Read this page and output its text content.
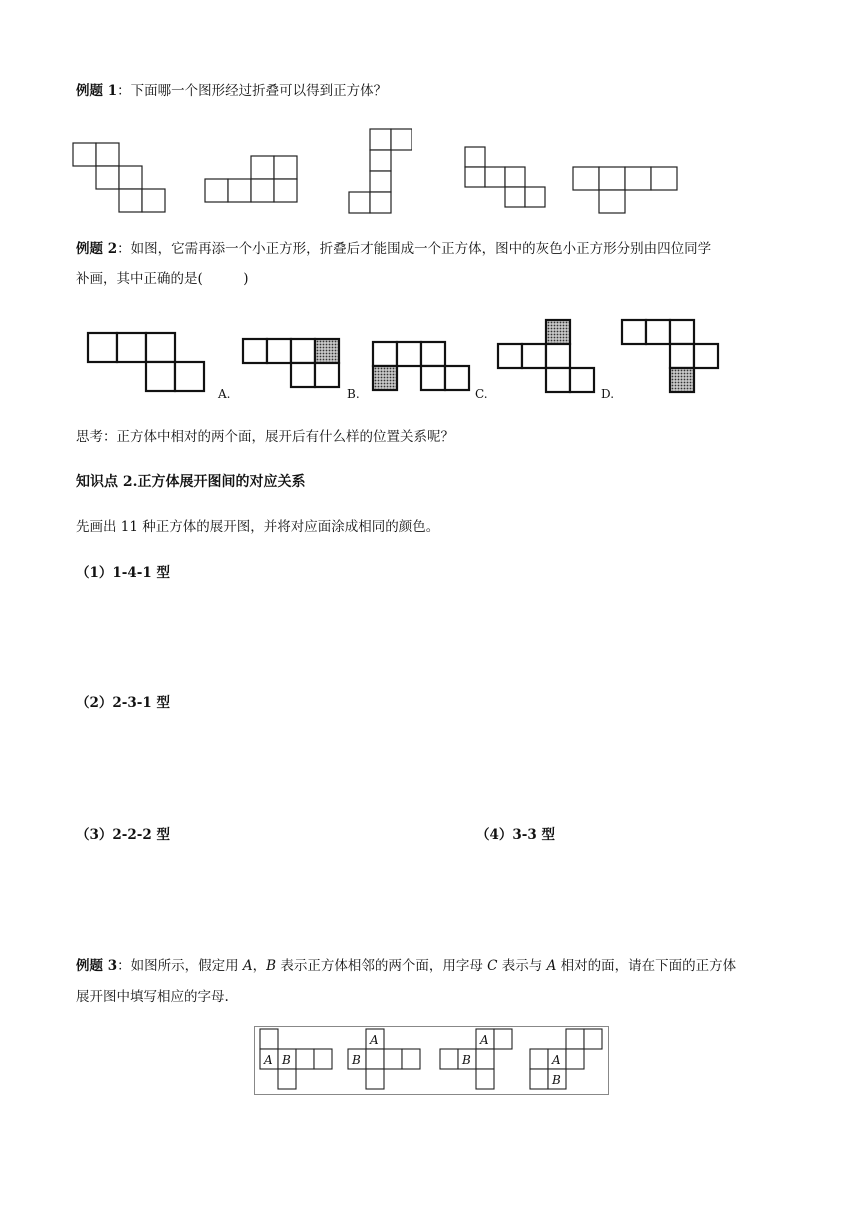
例题 1：下面哪一个图形经过折叠可以得到正方体？
例题 2：如图，它需再添一个小正方形，折叠后才能围成一个正方体，图中的灰色小正方形分别由四位同学
补画，其中正确的是(　　　)
A.	B.	C.	D.
思考：正方体中相对的两个面，展开后有什么样的位置关系呢？
知识点 2.正方体展开图间的对应关系
先画出 11 种正方体的展开图，并将对应面涂成相同的颜色。
（1）1-4-1 型
（2）2-3-1 型
（3）2-2-2 型	（4）3-3 型
例题 3：如图所示，假定用 A，B 表示正方体相邻的两个面，用字母 C 表示与 A 相对的面，请在下面的正方体
展开图中填写相应的字母.
A B
A
B
A
B	A
B
